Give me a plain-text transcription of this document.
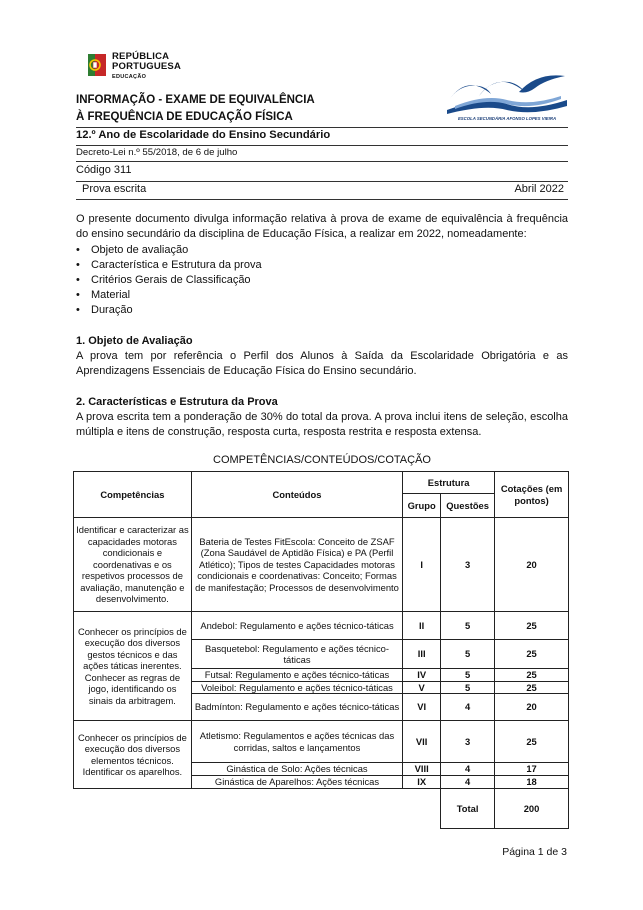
REPÚBLICA
PORTUGUESA
EDUCAÇÃO
INFORMAÇÃO - EXAME DE EQUIVALÊNCIA
À FREQUÊNCIA DE EDUCAÇÃO FÍSICA	ESCOLA SECUNDÁRIA AFONSO LOPES VIEIRA
12.º Ano de Escolaridade do Ensino Secundário
Decreto-Lei n.º 55/2018, de 6 de julho
Código 311
Prova escrita	Abril 2022
O presente documento divulga informação relativa à prova de exame de equivalência à frequência do ensino secundário da disciplina de Educação Física, a realizar em 2022, nomeadamente:
• Objeto de avaliação
• Característica e Estrutura da prova
• Critérios Gerais de Classificação
• Material
• Duração
1. Objeto de Avaliação
A prova tem por referência o Perfil dos Alunos à Saída da Escolaridade Obrigatória e as Aprendizagens Essenciais de Educação Física do Ensino secundário.
2. Características e Estrutura da Prova
A prova escrita tem a ponderação de 30% do total da prova. A prova inclui itens de seleção, escolha múltipla e itens de construção, resposta curta, resposta restrita e resposta extensa.
COMPETÊNCIAS/CONTEÚDOS/COTAÇÃO
Competências	Conteúdos	Estrutura		Cotações (em pontos)
		Grupo	Questões	
Identificar e caracterizar as capacidades motoras condicionais e coordenativas e os respetivos processos de avaliação, manutenção e desenvolvimento.	Bateria de Testes FitEscola: Conceito de ZSAF (Zona Saudável de Aptidão Física) e PA (Perfil Atlético); Tipos de testes Capacidades motoras condicionais e coordenativas: Conceito; Formas de manifestação; Processos de desenvolvimento	I	3	20
Conhecer os princípios de execução dos diversos gestos técnicos e das ações táticas inerentes. Conhecer as regras de jogo, identificando os sinais da arbitragem.	Andebol: Regulamento e ações técnico-táticas	II	5	25
	Basquetebol: Regulamento e ações técnico-táticas	III	5	25
	Futsal: Regulamento e ações técnico-táticas	IV	5	25
	Voleibol: Regulamento e ações técnico-táticas	V	5	25
	Badmínton: Regulamento e ações técnico-táticas	VI	4	20
Conhecer os princípios de execução dos diversos elementos técnicos. Identificar os aparelhos.	Atletismo: Regulamentos e ações técnicas das corridas, saltos e lançamentos	VII	3	25
	Ginástica de Solo: Ações técnicas	VIII	4	17
	Ginástica de Aparelhos: Ações técnicas	IX	4	18
			Total	200
Página 1 de 3
